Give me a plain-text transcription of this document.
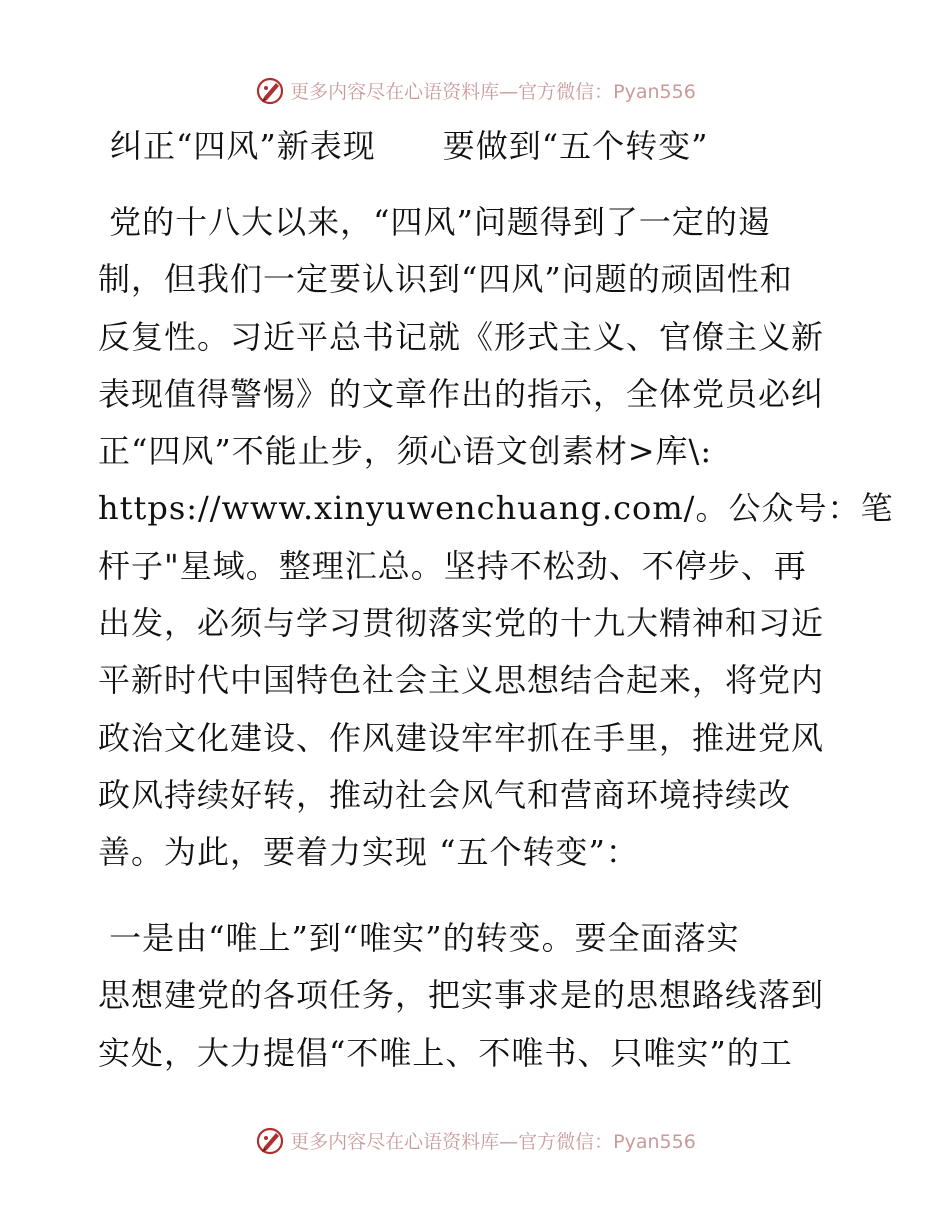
更多内容尽在心语资料库—官方微信：Pyan556
纠正“四风”新表现      要做到“五个转变”
党的十八大以来，“四风”问题得到了一定的遏
制，但我们一定要认识到“四风”问题的顽固性和
反复性。习近平总书记就《形式主义、官僚主义新
表现值得警惕》的文章作出的指示，全体党员必纠
正“四风”不能止步，须心语文创素材>库\:
https://www.xinyuwenchuang.com/。公众号：笔
杆子"星域。整理汇总。坚持不松劲、不停步、再
出发，必须与学习贯彻落实党的十九大精神和习近
平新时代中国特色社会主义思想结合起来，将党内
政治文化建设、作风建设牢牢抓在手里，推进党风
政风持续好转，推动社会风气和营商环境持续改
善。为此，要着力实现 “五个转变”：
一是由“唯上”到“唯实”的转变。要全面落实
思想建党的各项任务，把实事求是的思想路线落到
实处，大力提倡“不唯上、不唯书、只唯实”的工
更多内容尽在心语资料库—官方微信：Pyan556
